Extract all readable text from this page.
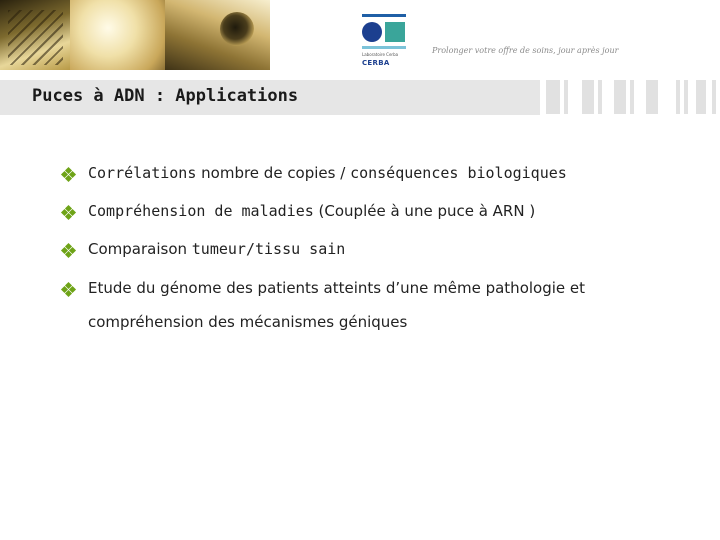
Laboratoire Cerba
CERBA
Prolonger votre offre de soins, jour après jour
Puces à ADN : Applications
Corrélations nombre de copies / conséquences biologiques
Compréhension de maladies (Couplée à une puce à ARN )
Comparaison tumeur/tissu sain
Etude du génome des patients atteints d’une même pathologie et compréhension des mécanismes géniques
